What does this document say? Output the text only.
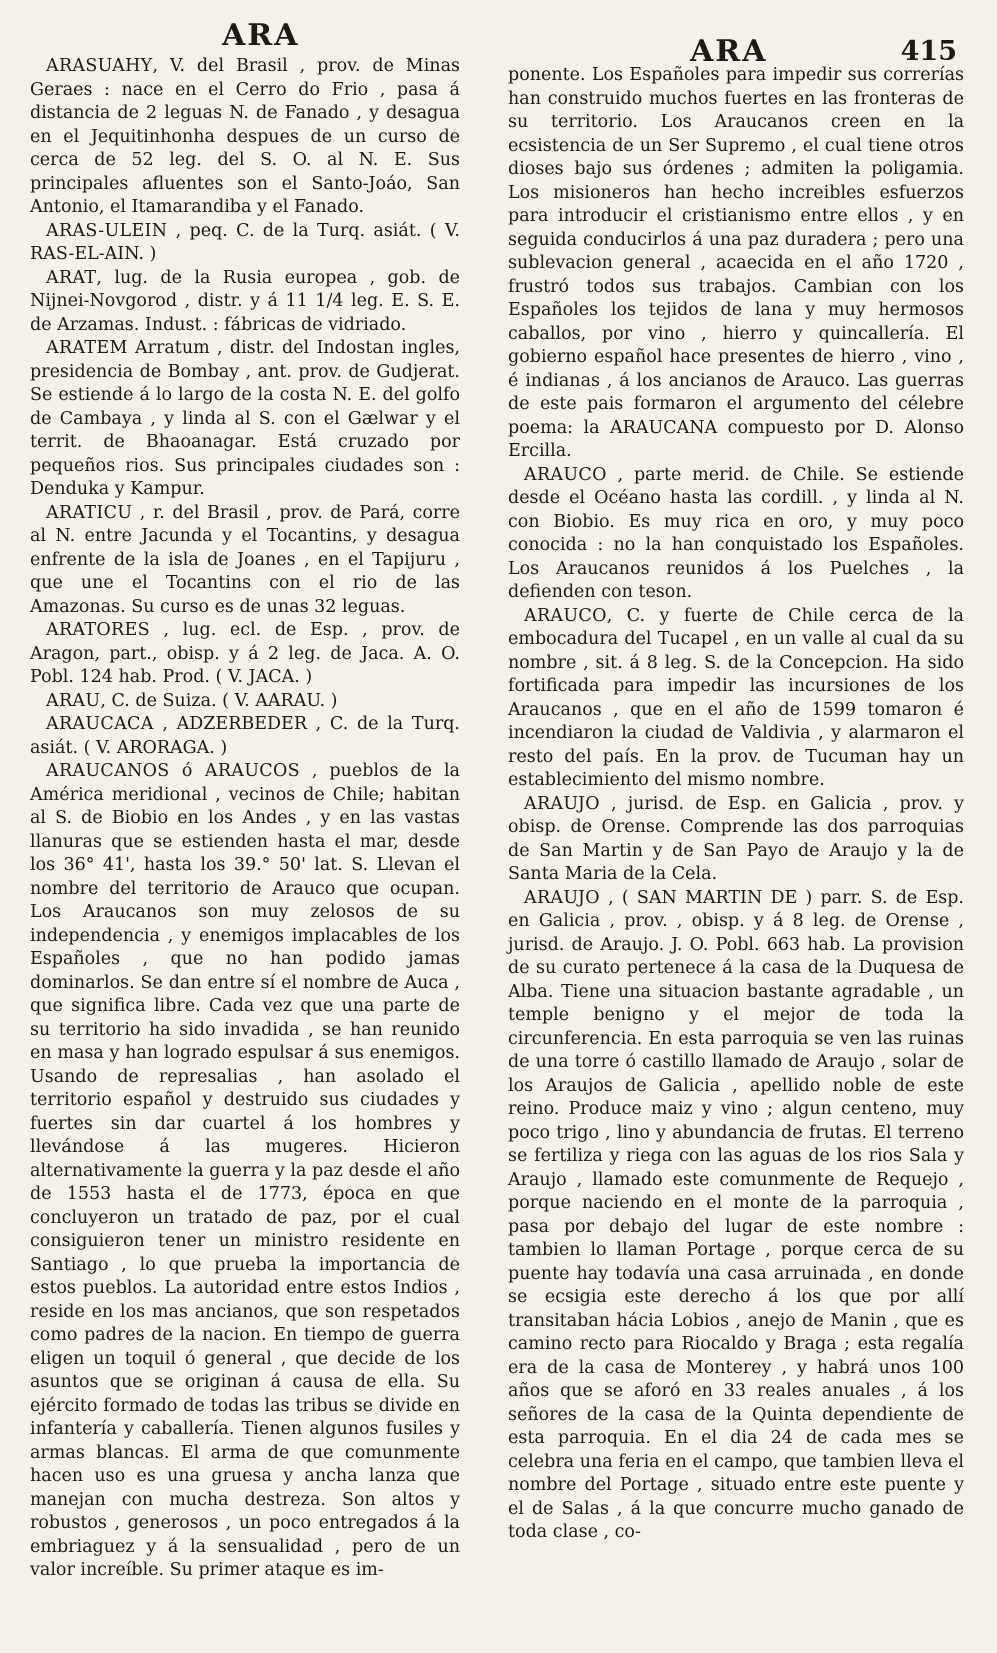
ARA	ARA	415

ARASUAHY, V. del Brasil , prov. de Minas Geraes : nace en el Cerro do Frio , pasa á distancia de 2 leguas N. de Fanado , y desagua en el Jequitinhonha despues de un curso de cerca de 52 leg. del S. O. al N. E. Sus principales afluentes son el Santo-Joáo, San Antonio, el Itamarandiba y el Fanado.

ARAS-ULEIN , peq. C. de la Turq. asiát. ( V. RAS-EL-AIN. )

ARAT, lug. de la Rusia europea , gob. de Nijnei-Novgorod , distr. y á 11 1/4 leg. E. S. E. de Arzamas. Indust. : fábricas de vidriado.

ARATEM Arratum , distr. del Indostan ingles, presidencia de Bombay , ant. prov. de Gudjerat. Se estiende á lo largo de la costa N. E. del golfo de Cambaya , y linda al S. con el Gælwar y el territ. de Bhaoanagar. Está cruzado por pequeños rios. Sus principales ciudades son : Denduka y Kampur.

ARATICU , r. del Brasil , prov. de Pará, corre al N. entre Jacunda y el Tocantins, y desagua enfrente de la isla de Joanes , en el Tapijuru , que une el Tocantins con el rio de las Amazonas. Su curso es de unas 32 leguas.

ARATORES , lug. ecl. de Esp. , prov. de Aragon, part., obisp. y á 2 leg. de Jaca. A. O. Pobl. 124 hab. Prod. ( V. JACA. )

ARAU, C. de Suiza. ( V. AARAU. )

ARAUCACA , ADZERBEDER , C. de la Turq. asiát. ( V. ARORAGA. )

ARAUCANOS ó ARAUCOS , pueblos de la América meridional , vecinos de Chile; habitan al S. de Biobio en los Andes , y en las vastas llanuras que se estienden hasta el mar, desde los 36° 41', hasta los 39.° 50' lat. S. Llevan el nombre del territorio de Arauco que ocupan. Los Araucanos son muy zelosos de su independencia , y enemigos implacables de los Españoles , que no han podido jamas dominarlos. Se dan entre sí el nombre de Auca , que significa libre. Cada vez que una parte de su territorio ha sido invadida , se han reunido en masa y han logrado espulsar á sus enemigos. Usando de represalias , han asolado el territorio español y destruido sus ciudades y fuertes sin dar cuartel á los hombres y llevándose á las mugeres. Hicieron alternativamente la guerra y la paz desde el año de 1553 hasta el de 1773, época en que concluyeron un tratado de paz, por el cual consiguieron tener un ministro residente en Santiago , lo que prueba la importancia de estos pueblos. La autoridad entre estos Indios , reside en los mas ancianos, que son respetados como padres de la nacion. En tiempo de guerra eligen un toquil ó general , que decide de los asuntos que se originan á causa de ella. Su ejército formado de todas las tribus se divide en infantería y caballería. Tienen algunos fusiles y armas blancas. El arma de que comunmente hacen uso es una gruesa y ancha lanza que manejan con mucha destreza. Son altos y robustos , generosos , un poco entregados á la embriaguez y á la sensualidad , pero de un valor increíble. Su primer ataque es im-

ponente. Los Españoles para impedir sus correrías han construido muchos fuertes en las fronteras de su territorio. Los Araucanos creen en la ecsistencia de un Ser Supremo , el cual tiene otros dioses bajo sus órdenes ; admiten la poligamia. Los misioneros han hecho increibles esfuerzos para introducir el cristianismo entre ellos , y en seguida conducirlos á una paz duradera ; pero una sublevacion general , acaecida en el año 1720 , frustró todos sus trabajos. Cambian con los Españoles los tejidos de lana y muy hermosos caballos, por vino , hierro y quincallería. El gobierno español hace presentes de hierro , vino , é indianas , á los ancianos de Arauco. Las guerras de este pais formaron el argumento del célebre poema: la ARAUCANA compuesto por D. Alonso Ercilla.

ARAUCO , parte merid. de Chile. Se estiende desde el Océano hasta las cordill. , y linda al N. con Biobio. Es muy rica en oro, y muy poco conocida : no la han conquistado los Españoles. Los Araucanos reunidos á los Puelches , la defienden con teson.

ARAUCO, C. y fuerte de Chile cerca de la embocadura del Tucapel , en un valle al cual da su nombre , sit. á 8 leg. S. de la Concepcion. Ha sido fortificada para impedir las incursiones de los Araucanos , que en el año de 1599 tomaron é incendiaron la ciudad de Valdivia , y alarmaron el resto del país. En la prov. de Tucuman hay un establecimiento del mismo nombre.

ARAUJO , jurisd. de Esp. en Galicia , prov. y obisp. de Orense. Comprende las dos parroquias de San Martin y de San Payo de Araujo y la de Santa Maria de la Cela.

ARAUJO , ( SAN MARTIN DE ) parr. S. de Esp. en Galicia , prov. , obisp. y á 8 leg. de Orense , jurisd. de Araujo. J. O. Pobl. 663 hab. La provision de su curato pertenece á la casa de la Duquesa de Alba. Tiene una situacion bastante agradable , un temple benigno y el mejor de toda la circunferencia. En esta parroquia se ven las ruinas de una torre ó castillo llamado de Araujo , solar de los Araujos de Galicia , apellido noble de este reino. Produce maiz y vino ; algun centeno, muy poco trigo , lino y abundancia de frutas. El terreno se fertiliza y riega con las aguas de los rios Sala y Araujo , llamado este comunmente de Requejo , porque naciendo en el monte de la parroquia , pasa por debajo del lugar de este nombre : tambien lo llaman Portage , porque cerca de su puente hay todavía una casa arruinada , en donde se ecsigia este derecho á los que por allí transitaban hácia Lobios , anejo de Manin , que es camino recto para Riocaldo y Braga ; esta regalía era de la casa de Monterey , y habrá unos 100 años que se aforó en 33 reales anuales , á los señores de la casa de la Quinta dependiente de esta parroquia. En el dia 24 de cada mes se celebra una feria en el campo, que tambien lleva el nombre del Portage , situado entre este puente y el de Salas , á la que concurre mucho ganado de toda clase , co-
